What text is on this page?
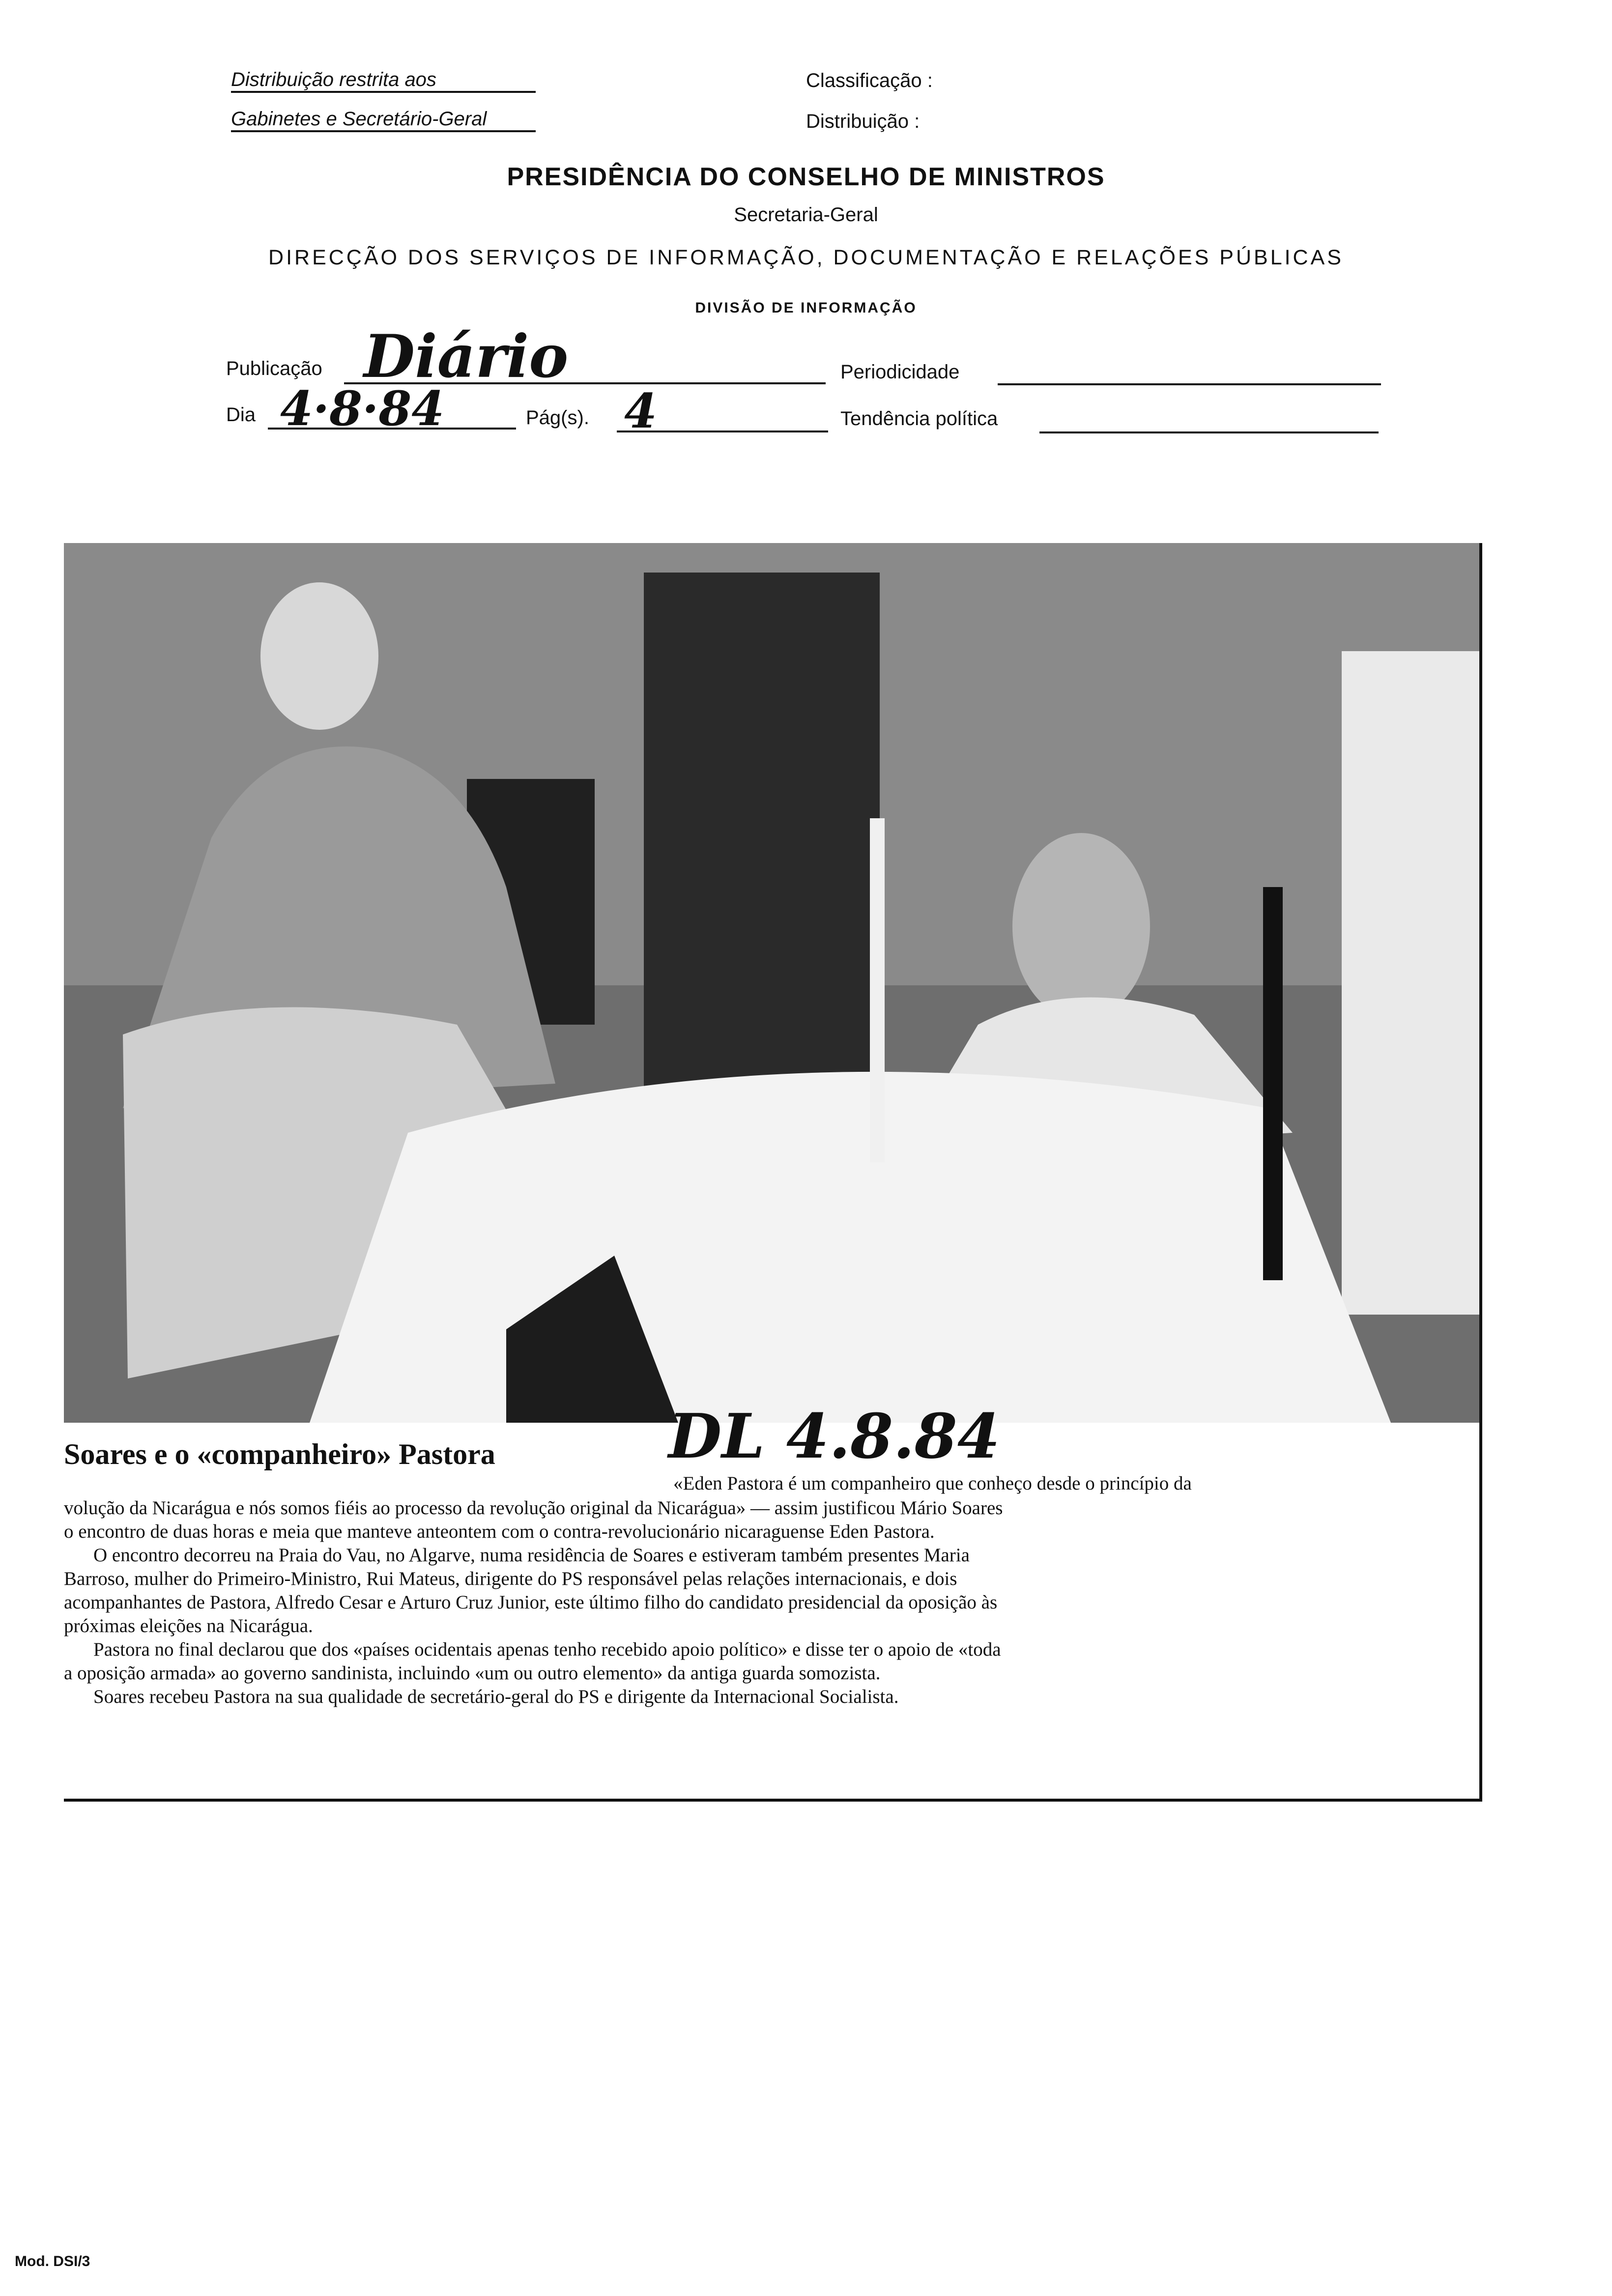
Distribuição restrita aos
Gabinetes e Secretário-Geral
Classificação :
Distribuição :
PRESIDÊNCIA DO CONSELHO DE MINISTROS
Secretaria-Geral
DIRECÇÃO DOS SERVIÇOS DE INFORMAÇÃO, DOCUMENTAÇÃO E RELAÇÕES PÚBLICAS
DIVISÃO DE INFORMAÇÃO
Publicação Diário	Periodicidade
Dia 4·8·84	Pág(s). 4	Tendência política
Soares e o «companheiro» Pastora	DL 4.8.84
«Eden Pastora é um companheiro que conheço desde o princípio da
volução da Nicarágua e nós somos fiéis ao processo da revolução original da Nicarágua» — assim justificou Mário Soares
o encontro de duas horas e meia que manteve anteontem com o contra-revolucionário nicaraguense Eden Pastora.
O encontro decorreu na Praia do Vau, no Algarve, numa residência de Soares e estiveram também presentes Maria
Barroso, mulher do Primeiro-Ministro, Rui Mateus, dirigente do PS responsável pelas relações internacionais, e dois
acompanhantes de Pastora, Alfredo Cesar e Arturo Cruz Junior, este último filho do candidato presidencial da oposição às
próximas eleições na Nicarágua.
Pastora no final declarou que dos «países ocidentais apenas tenho recebido apoio político» e disse ter o apoio de «toda
a oposição armada» ao governo sandinista, incluindo «um ou outro elemento» da antiga guarda somozista.
Soares recebeu Pastora na sua qualidade de secretário-geral do PS e dirigente da Internacional Socialista.
Mod. DSI/3
